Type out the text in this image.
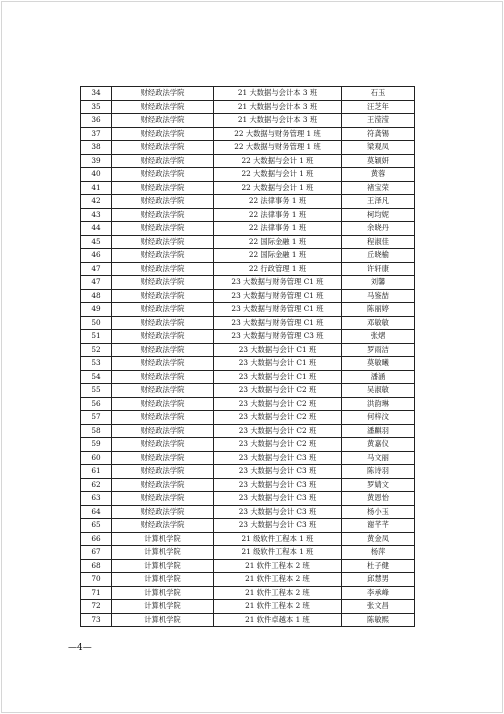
34	财经政法学院	21 大数据与会计本 3 班	石玉
35	财经政法学院	21 大数据与会计本 3 班	汪芝年
36	财经政法学院	21 大数据与会计本 3 班	王滢滢
37	财经政法学院	22 大数据与财务管理 1 班	符龚锡
38	财经政法学院	22 大数据与财务管理 1 班	梁观凤
39	财经政法学院	22 大数据与会计 1 班	莫颖妍
40	财经政法学院	22 大数据与会计 1 班	黄蓉
41	财经政法学院	22 大数据与会计 1 班	褚宝荣
42	财经政法学院	22 法律事务 1 班	王泽凡
43	财经政法学院	22 法律事务 1 班	柯均妮
44	财经政法学院	22 法律事务 1 班	余晓丹
45	财经政法学院	22 国际金融 1 班	程淑佳
46	财经政法学院	22 国际金融 1 班	丘晓榆
47	财经政法学院	22 行政管理 1 班	许轩康
47	财经政法学院	23 大数据与财务管理 C1 班	刘馨
48	财经政法学院	23 大数据与财务管理 C1 班	马鉴喆
49	财经政法学院	23 大数据与财务管理 C1 班	陈丽婷
50	财经政法学院	23 大数据与财务管理 C1 班	邓敏敏
51	财经政法学院	23 大数据与财务管理 C3 班	张熠
52	财经政法学院	23 大数据与会计 C1 班	罗雨洁
53	财经政法学院	23 大数据与会计 C1 班	莫敏曦
54	财经政法学院	23 大数据与会计 C1 班	潘涵
55	财经政法学院	23 大数据与会计 C2 班	吴淑敏
56	财经政法学院	23 大数据与会计 C2 班	洪韵琳
57	财经政法学院	23 大数据与会计 C2 班	何梓汶
58	财经政法学院	23 大数据与会计 C2 班	潘麒羽
59	财经政法学院	23 大数据与会计 C2 班	黄嘉仪
60	财经政法学院	23 大数据与会计 C3 班	马文丽
61	财经政法学院	23 大数据与会计 C3 班	陈诗羽
62	财经政法学院	23 大数据与会计 C3 班	罗婧文
63	财经政法学院	23 大数据与会计 C3 班	黄恩怡
64	财经政法学院	23 大数据与会计 C3 班	杨小玉
65	财经政法学院	23 大数据与会计 C3 班	谢芊芊
66	计算机学院	21 级软件工程本 1 班	黄金凤
67	计算机学院	21 级软件工程本 1 班	杨萍
68	计算机学院	21 软件工程本 2 班	杜子健
70	计算机学院	21 软件工程本 2 班	邱慧男
71	计算机学院	21 软件工程本 2 班	李承峰
72	计算机学院	21 软件工程本 2 班	张文昌
73	计算机学院	21 软件卓越本 1 班	陈敏熙
—4—
